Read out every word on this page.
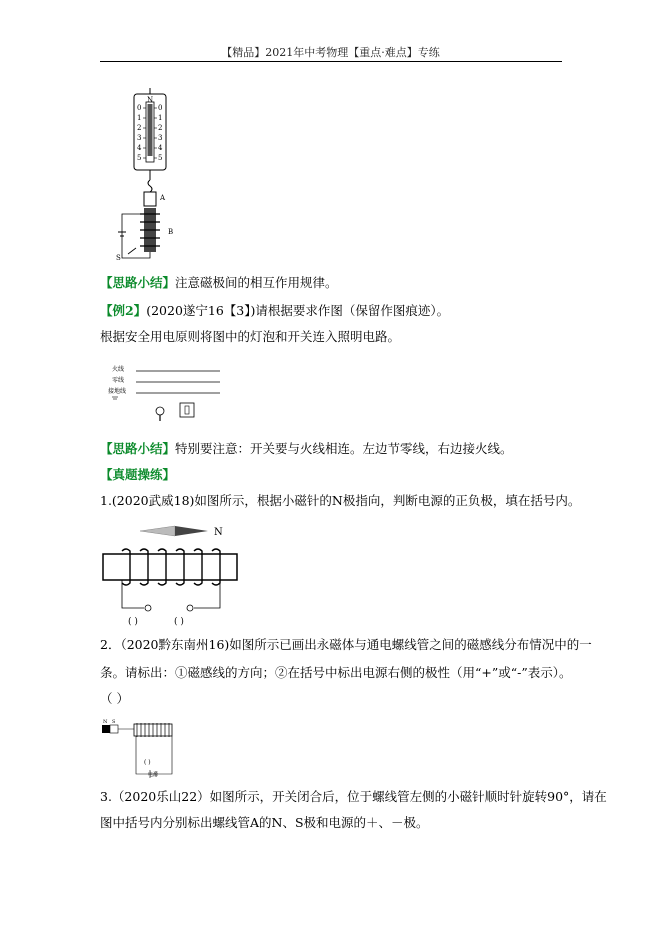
【精品】2021年中考物理【重点·难点】专练
N
0
1
2
3
4
5
0
1
2
3
4
5
A
B
S
【思路小结】注意磁极间的相互作用规律。
【例2】(2020遂宁16【3】)请根据要求作图（保留作图痕迹）。
根据安全用电原则将图中的灯泡和开关连入照明电路。
火线
零线
接地线
【思路小结】特别要注意：开关要与火线相连。左边节零线，右边接火线。
【真题操练】
1.(2020武威18)如图所示，根据小磁针的N极指向，判断电源的正负极，填在括号内。
N
( )	( )
2．（2020黔东南州16)如图所示已画出永磁体与通电螺线管之间的磁感线分布情况中的一
条。请标出：①磁感线的方向；②在括号中标出电源右侧的极性（用“+”或“-”表示）。
（ ）
N S
( )
电源
3.（2020乐山22）如图所示，开关闭合后，位于螺线管左侧的小磁针顺时针旋转90°，请在
图中括号内分别标出螺线管A的N、S极和电源的＋、－极。
